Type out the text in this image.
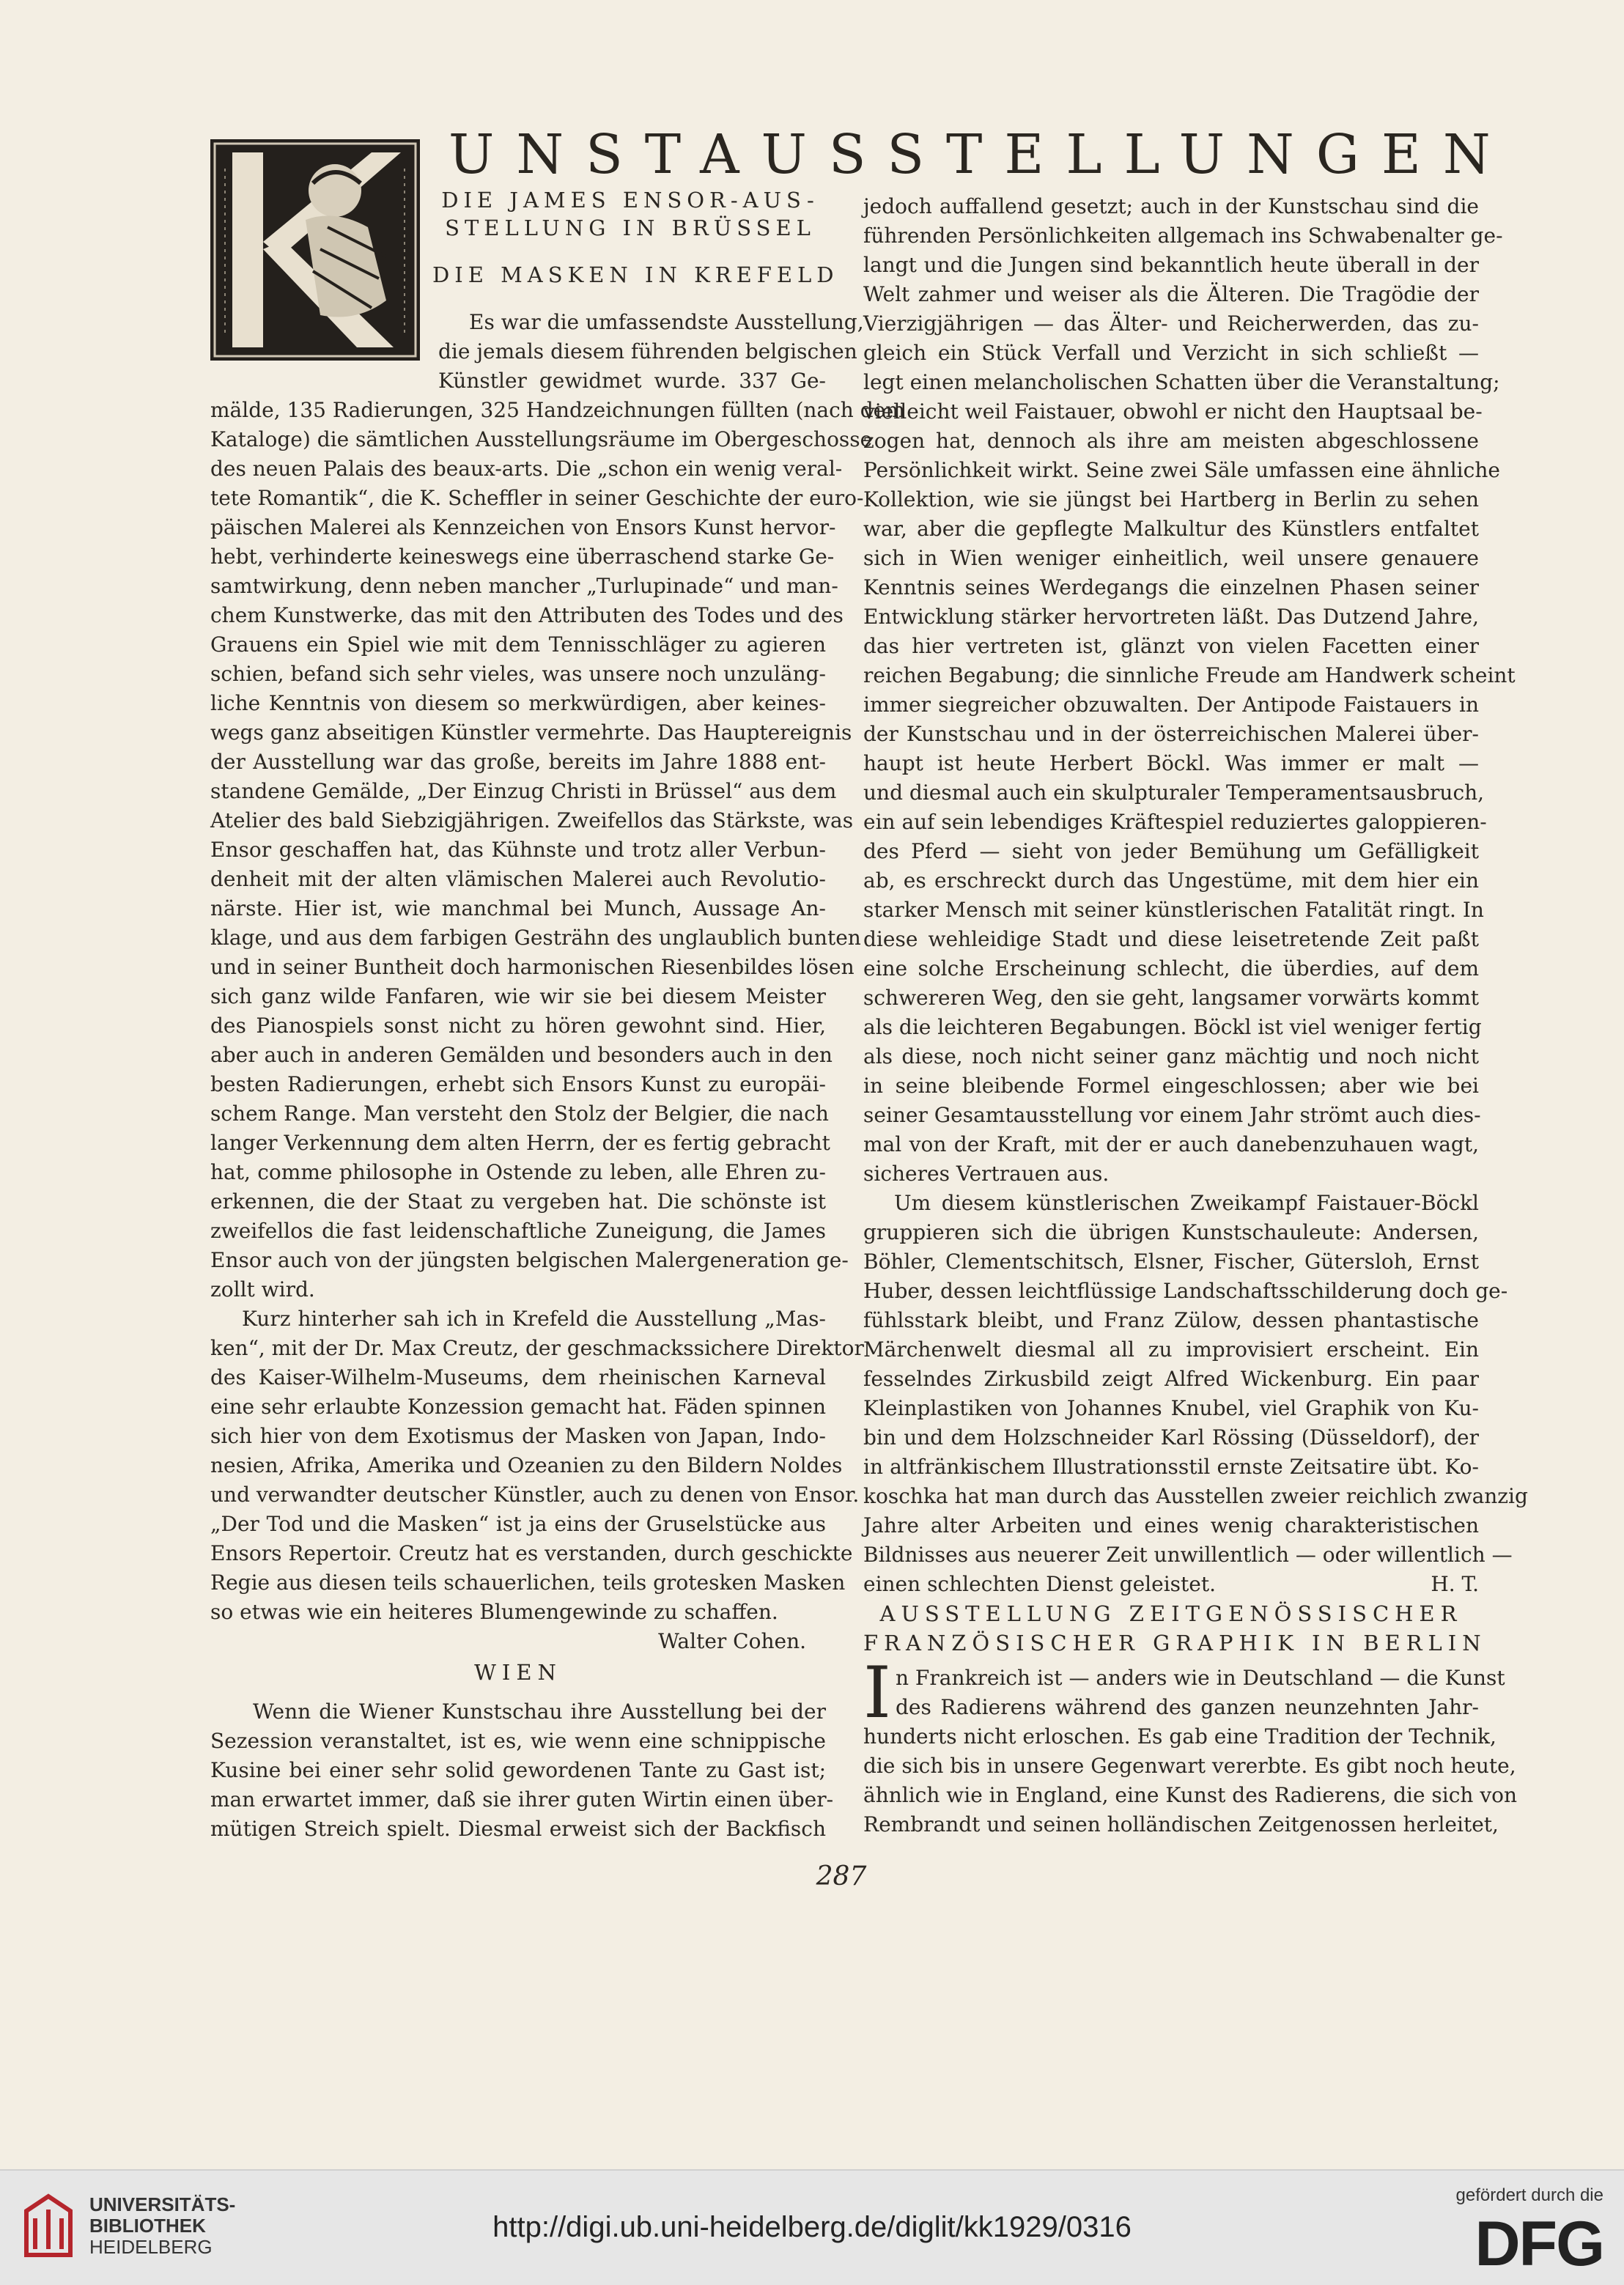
UNSTAUSSTELLUNGEN
DIE JAMES ENSOR-AUS-
STELLUNG IN BRÜSSEL
DIE MASKEN IN KREFELD
Es war die umfassendste Ausstellung,
die jemals diesem führenden belgischen
Künstler gewidmet wurde. 337 Ge-
mälde, 135 Radierungen, 325 Handzeichnungen füllten (nach dem
Kataloge) die sämtlichen Ausstellungsräume im Obergeschosse
des neuen Palais des beaux-arts. Die „schon ein wenig veral-
tete Romantik“, die K. Scheffler in seiner Geschichte der euro-
päischen Malerei als Kennzeichen von Ensors Kunst hervor-
hebt, verhinderte keineswegs eine überraschend starke Ge-
samtwirkung, denn neben mancher „Turlupinade“ und man-
chem Kunstwerke, das mit den Attributen des Todes und des
Grauens ein Spiel wie mit dem Tennisschläger zu agieren
schien, befand sich sehr vieles, was unsere noch unzuläng-
liche Kenntnis von diesem so merkwürdigen, aber keines-
wegs ganz abseitigen Künstler vermehrte. Das Hauptereignis
der Ausstellung war das große, bereits im Jahre 1888 ent-
standene Gemälde, „Der Einzug Christi in Brüssel“ aus dem
Atelier des bald Siebzigjährigen. Zweifellos das Stärkste, was
Ensor geschaffen hat, das Kühnste und trotz aller Verbun-
denheit mit der alten vlämischen Malerei auch Revolutio-
närste. Hier ist, wie manchmal bei Munch, Aussage An-
klage, und aus dem farbigen Gesträhn des unglaublich bunten
und in seiner Buntheit doch harmonischen Riesenbildes lösen
sich ganz wilde Fanfaren, wie wir sie bei diesem Meister
des Pianospiels sonst nicht zu hören gewohnt sind. Hier,
aber auch in anderen Gemälden und besonders auch in den
besten Radierungen, erhebt sich Ensors Kunst zu europäi-
schem Range. Man versteht den Stolz der Belgier, die nach
langer Verkennung dem alten Herrn, der es fertig gebracht
hat, comme philosophe in Ostende zu leben, alle Ehren zu-
erkennen, die der Staat zu vergeben hat. Die schönste ist
zweifellos die fast leidenschaftliche Zuneigung, die James
Ensor auch von der jüngsten belgischen Malergeneration ge-
zollt wird.
Kurz hinterher sah ich in Krefeld die Ausstellung „Mas-
ken“, mit der Dr. Max Creutz, der geschmackssichere Direktor
des Kaiser-Wilhelm-Museums, dem rheinischen Karneval
eine sehr erlaubte Konzession gemacht hat. Fäden spinnen
sich hier von dem Exotismus der Masken von Japan, Indo-
nesien, Afrika, Amerika und Ozeanien zu den Bildern Noldes
und verwandter deutscher Künstler, auch zu denen von Ensor.
„Der Tod und die Masken“ ist ja eins der Gruselstücke aus
Ensors Repertoir. Creutz hat es verstanden, durch geschickte
Regie aus diesen teils schauerlichen, teils grotesken Masken
so etwas wie ein heiteres Blumengewinde zu schaffen.
Walter Cohen.
WIEN
Wenn die Wiener Kunstschau ihre Ausstellung bei der
Sezession veranstaltet, ist es, wie wenn eine schnippische
Kusine bei einer sehr solid gewordenen Tante zu Gast ist;
man erwartet immer, daß sie ihrer guten Wirtin einen über-
mütigen Streich spielt. Diesmal erweist sich der Backfisch
jedoch auffallend gesetzt; auch in der Kunstschau sind die
führenden Persönlichkeiten allgemach ins Schwabenalter ge-
langt und die Jungen sind bekanntlich heute überall in der
Welt zahmer und weiser als die Älteren. Die Tragödie der
Vierzigjährigen — das Älter- und Reicherwerden, das zu-
gleich ein Stück Verfall und Verzicht in sich schließt —
legt einen melancholischen Schatten über die Veranstaltung;
vielleicht weil Faistauer, obwohl er nicht den Hauptsaal be-
zogen hat, dennoch als ihre am meisten abgeschlossene
Persönlichkeit wirkt. Seine zwei Säle umfassen eine ähnliche
Kollektion, wie sie jüngst bei Hartberg in Berlin zu sehen
war, aber die gepflegte Malkultur des Künstlers entfaltet
sich in Wien weniger einheitlich, weil unsere genauere
Kenntnis seines Werdegangs die einzelnen Phasen seiner
Entwicklung stärker hervortreten läßt. Das Dutzend Jahre,
das hier vertreten ist, glänzt von vielen Facetten einer
reichen Begabung; die sinnliche Freude am Handwerk scheint
immer siegreicher obzuwalten. Der Antipode Faistauers in
der Kunstschau und in der österreichischen Malerei über-
haupt ist heute Herbert Böckl. Was immer er malt —
und diesmal auch ein skulpturaler Temperamentsausbruch,
ein auf sein lebendiges Kräftespiel reduziertes galoppieren-
des Pferd — sieht von jeder Bemühung um Gefälligkeit
ab, es erschreckt durch das Ungestüme, mit dem hier ein
starker Mensch mit seiner künstlerischen Fatalität ringt. In
diese wehleidige Stadt und diese leisetretende Zeit paßt
eine solche Erscheinung schlecht, die überdies, auf dem
schwereren Weg, den sie geht, langsamer vorwärts kommt
als die leichteren Begabungen. Böckl ist viel weniger fertig
als diese, noch nicht seiner ganz mächtig und noch nicht
in seine bleibende Formel eingeschlossen; aber wie bei
seiner Gesamtausstellung vor einem Jahr strömt auch dies-
mal von der Kraft, mit der er auch danebenzuhauen wagt,
sicheres Vertrauen aus.
Um diesem künstlerischen Zweikampf Faistauer-Böckl
gruppieren sich die übrigen Kunstschauleute: Andersen,
Böhler, Clementschitsch, Elsner, Fischer, Gütersloh, Ernst
Huber, dessen leichtflüssige Landschaftsschilderung doch ge-
fühlsstark bleibt, und Franz Zülow, dessen phantastische
Märchenwelt diesmal all zu improvisiert erscheint. Ein
fesselndes Zirkusbild zeigt Alfred Wickenburg. Ein paar
Kleinplastiken von Johannes Knubel, viel Graphik von Ku-
bin und dem Holzschneider Karl Rössing (Düsseldorf), der
in altfränkischem Illustrationsstil ernste Zeitsatire übt. Ko-
koschka hat man durch das Ausstellen zweier reichlich zwanzig
Jahre alter Arbeiten und eines wenig charakteristischen
Bildnisses aus neuerer Zeit unwillentlich — oder willentlich —
einen schlechten Dienst geleistet.	H. T.
AUSSTELLUNG ZEITGENÖSSISCHER
FRANZÖSISCHER GRAPHIK IN BERLIN
I n Frankreich ist — anders wie in Deutschland — die Kunst
des Radierens während des ganzen neunzehnten Jahr-
hunderts nicht erloschen. Es gab eine Tradition der Technik,
die sich bis in unsere Gegenwart vererbte. Es gibt noch heute,
ähnlich wie in England, eine Kunst des Radierens, die sich von
Rembrandt und seinen holländischen Zeitgenossen herleitet,
287
UNIVERSITÄTS-
BIBLIOTHEK
HEIDELBERG
http://digi.ub.uni-heidelberg.de/diglit/kk1929/0316
gefördert durch die
DFG
